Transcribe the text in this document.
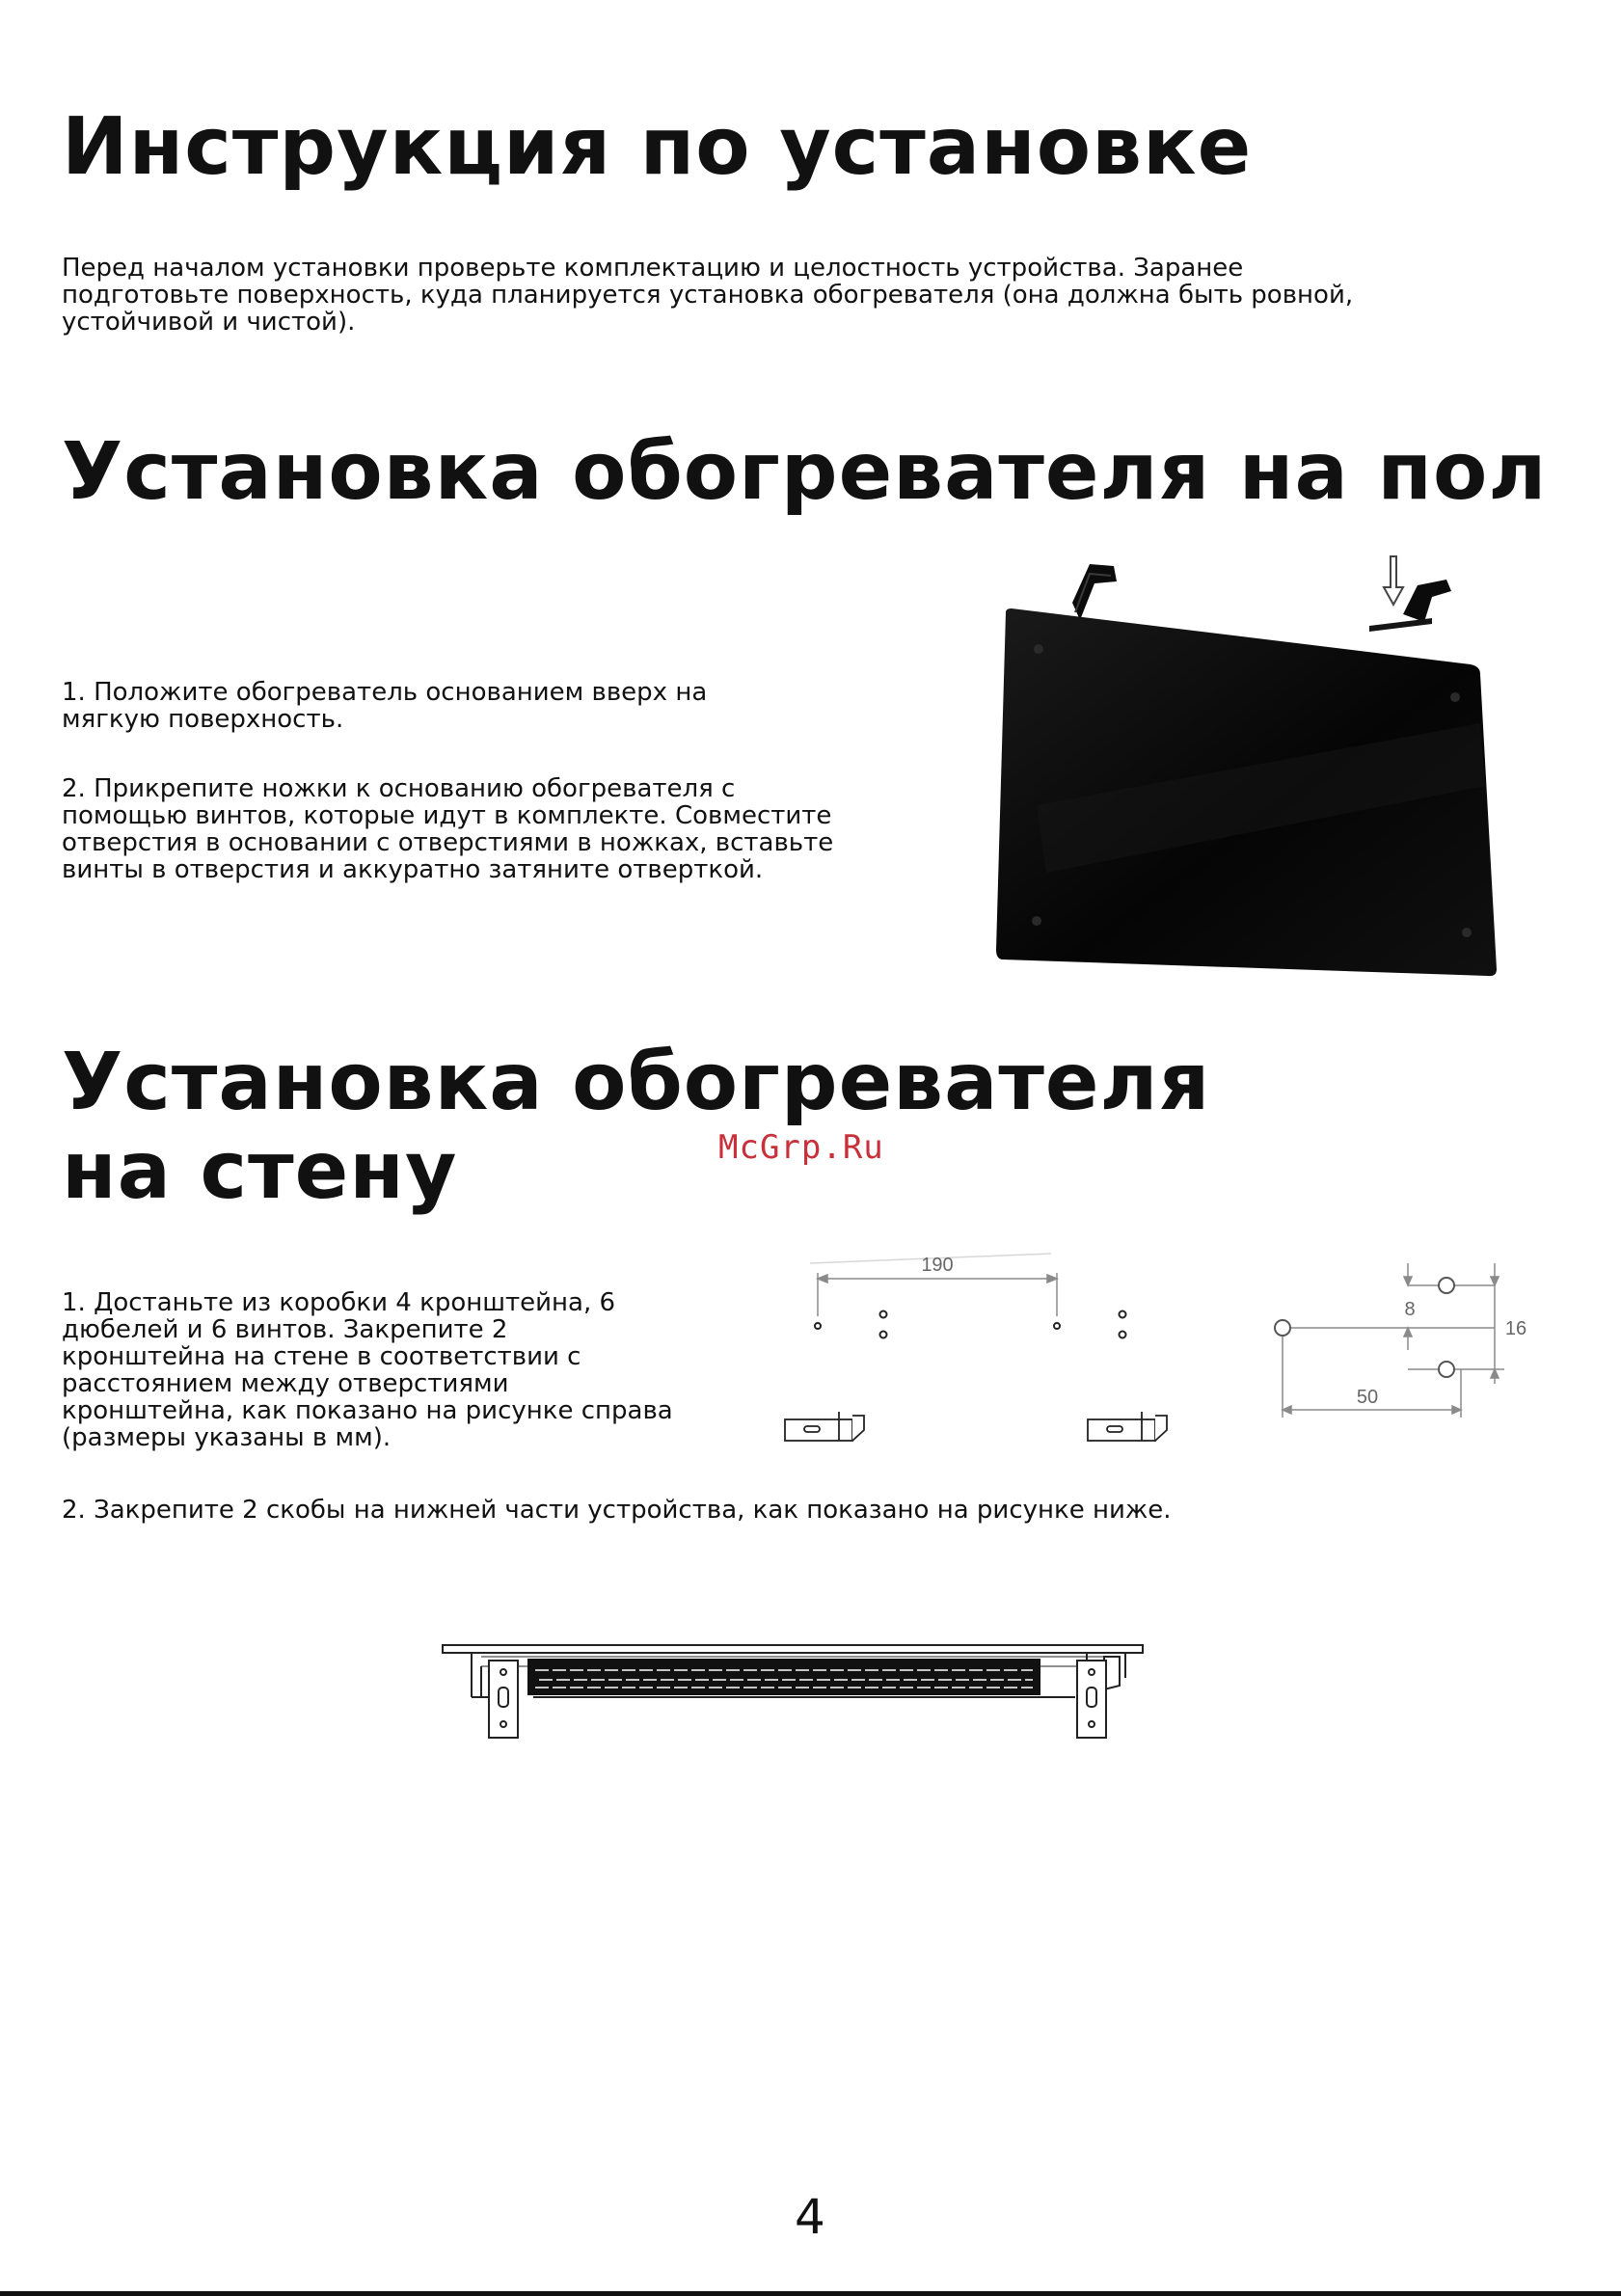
Инструкция по установке

Перед началом установки проверьте комплектацию и целостность устройства. Заранее

подготовьте поверхность, куда планируется установка обогревателя (она должна быть ровной,

устойчивой и чистой).

Установка обогревателя на пол

1. Положите обогреватель основанием вверх на

мягкую поверхность.

2. Прикрепите ножки к основанию обогревателя с

помощью винтов, которые идут в комплекте. Совместите

отверстия в основании с отверстиями в ножках, вставьте

винты в отверстия и аккуратно затяните отверткой.

Установка обогревателя
на стену	McGrp.Ru

1. Достаньте из коробки 4 кронштейна, 6

дюбелей и 6 винтов. Закрепите 2

кронштейна на стене в соответствии с

расстоянием между отверстиями

кронштейна, как показано на рисунке справа

(размеры указаны в мм).

190
8
16
50

2. Закрепите 2 скобы на нижней части устройства, как показано на рисунке ниже.

4
